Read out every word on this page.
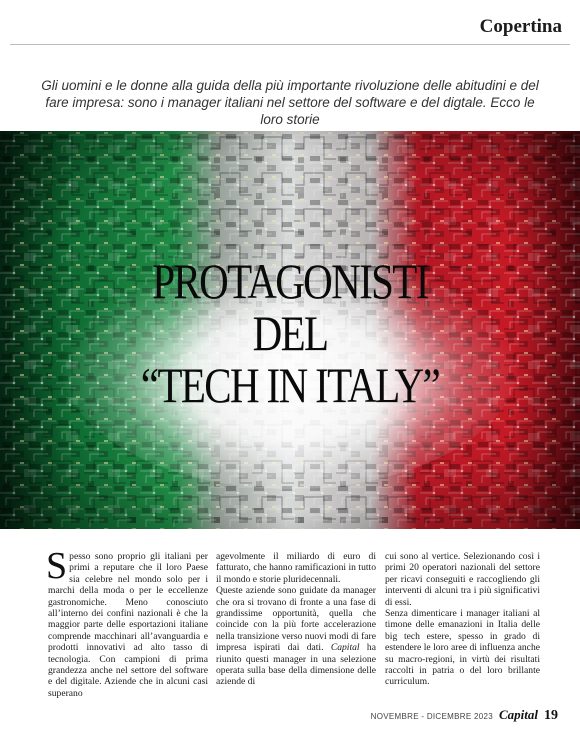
Copertina
Gli uomini e le donne alla guida della più importante rivoluzione delle abitudini e del fare impresa: sono i manager italiani nel settore del software e del digtale. Ecco le loro storie
PROTAGONISTI
DEL
“TECH IN ITALY”

Spesso sono proprio gli italiani per primi a reputare che il loro Paese sia celebre nel mondo solo per i marchi della moda o per le eccellenze gastronomiche. Meno conosciuto all’interno dei confini nazionali è che la maggior parte delle esportazioni italiane comprende macchinari all’avanguardia e prodotti innovativi ad alto tasso di tecnologia. Con campioni di prima grandezza anche nel settore del software e del digitale. Aziende che in alcuni casi superano

agevolmente il miliardo di euro di fatturato, che hanno ramificazioni in tutto il mondo e storie pluridecennali.

Queste aziende sono guidate da manager che ora si trovano di fronte a una fase di grandissime opportunità, quella che coincide con la più forte accelerazione nella transizione verso nuovi modi di fare impresa ispirati dai dati. Capital ha riunito questi manager in una selezione operata sulla base della dimensione delle aziende di

cui sono al vertice. Selezionando così i primi 20 operatori nazionali del settore per ricavi conseguiti e raccogliendo gli interventi di alcuni tra i più significativi di essi.

Senza dimenticare i manager italiani al timone delle emanazioni in Italia delle big tech estere, spesso in grado di estendere le loro aree di influenza anche su macro-regioni, in virtù dei risultati raccolti in patria o del loro brillante curriculum.

NOVEMBRE - DICEMBRE 2023 Capital 19
